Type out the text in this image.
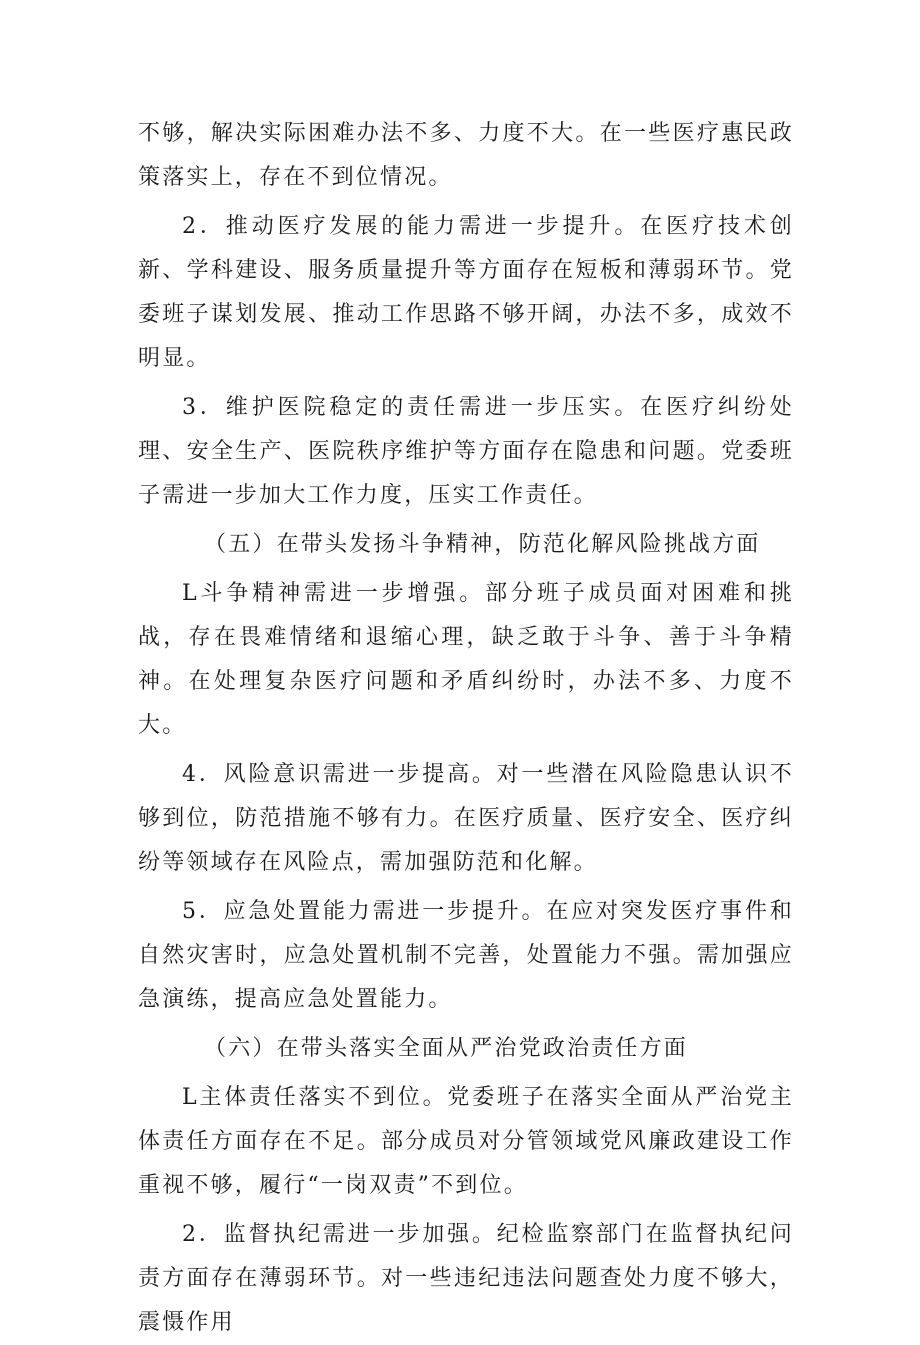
不够，解决实际困难办法不多、力度不大。在一些医疗惠民政策落实上，存在不到位情况。

2．推动医疗发展的能力需进一步提升。在医疗技术创新、学科建设、服务质量提升等方面存在短板和薄弱环节。党委班子谋划发展、推动工作思路不够开阔，办法不多，成效不明显。

3．维护医院稳定的责任需进一步压实。在医疗纠纷处理、安全生产、医院秩序维护等方面存在隐患和问题。党委班子需进一步加大工作力度，压实工作责任。

（五）在带头发扬斗争精神，防范化解风险挑战方面

L斗争精神需进一步增强。部分班子成员面对困难和挑战，存在畏难情绪和退缩心理，缺乏敢于斗争、善于斗争精神。在处理复杂医疗问题和矛盾纠纷时，办法不多、力度不大。

4．风险意识需进一步提高。对一些潜在风险隐患认识不够到位，防范措施不够有力。在医疗质量、医疗安全、医疗纠纷等领域存在风险点，需加强防范和化解。

5．应急处置能力需进一步提升。在应对突发医疗事件和自然灾害时，应急处置机制不完善，处置能力不强。需加强应急演练，提高应急处置能力。

（六）在带头落实全面从严治党政治责任方面

L主体责任落实不到位。党委班子在落实全面从严治党主体责任方面存在不足。部分成员对分管领域党风廉政建设工作重视不够，履行“一岗双责”不到位。

2．监督执纪需进一步加强。纪检监察部门在监督执纪问责方面存在薄弱环节。对一些违纪违法问题查处力度不够大，震慑作用
